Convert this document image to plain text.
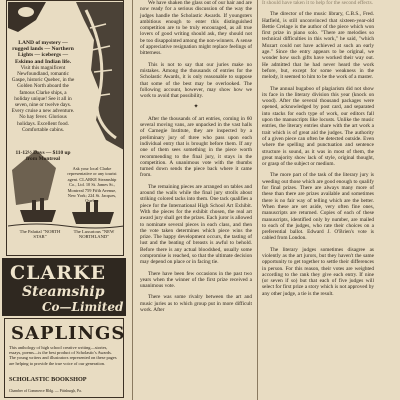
LAND of mystery — rugged lands — Northern Lights — icebergs — Eskimo and Indian life. Visit this magnificent Newfoundland, romantic Gaspe, historic Quebec, in the Golden North aboard the famous Clarke ships, a holiday unique! See it all in seven, nine or twelve days. Every cruise a new adventure. No hay fever. Glorious holidays. Excellent food. Comfortable cabins.
11-12½ Days — $110 up from Montreal
Ask your local Clarke representative or any tourist agent. CLARKE Steamship Co., Ltd. 10 St. James St., Montreal 759 Fifth Avenue, New York; 224 St. Jacques, Quebec
The Palatial "NORTH STAR"
The Luxurious "NEW NORTHLAND"
CLARKE
Steamship
Co—Limited
SAPLINGS
This anthology of high school creative writing—stories, essays, poems—is the best product of Scholastic's Awards. The young writers and illustrators represented on these pages are helping to provide the true voice of our generation.
SCHOLASTIC BOOKSHOP
Chamber of Commerce Bldg. — Pittsburgh, Pa.

We have shaken the glass out of our hair and are now ready for a serious discussion of the way the judges handle the Scholastic Awards. If youngsters ambitious enough to enter this distinguished competition are to be truly encouraged, as all true lovers of good writing should ask, they should not be too disappointed among the non-winners. A sense of appreciative resignation might replace feelings of bitterness.

This is not to say that our juries make no mistakes. Among the thousands of entries for the Scholastic Awards, it is only reasonable to suppose that some of the best may be overlooked. The following account, however, may show how we work to avoid that possibility.

✦

After the thousands of art entries, coming in 60 several moving vans, are unpacked in the vast halls of Carnegie Institute, they are inspected by a preliminary jury of three who pass upon each individual entry that is brought before them. If any one of them sees something in the piece worth recommending to the final jury, it stays in the competition. A unanimous vote with the thumbs turned down sends the piece back where it came from.

The remaining pieces are arranged on tables and around the walls while the final jury strolls about striking colored tacks into them. One tack qualifies a piece for the International High School Art Exhibit. With the pieces for the exhibit chosen, the real art award jury shall get the prizes. Each juror is allowed to nominate several pieces in each class, and then the vote taken determines which piece wins the prize. The happy development occurs, the tasting of lust and the beating of breasts is awful to behold. Before there is any actual bloodshed, usually some compromise is reached, so that the ultimate decision may depend on place or in facing tie.

There have been few occasions in the past two years when the winner of the first prize received a unanimous vote.

There was some rivalry between the art and music juries as to which group put in more difficult work. After

It should have taken it to help for the second effects.

The director of the music library, C.B.S., Fred. Hatfield, is still unconvinced that sixteen-year-old Bettie Crelage is the author of the piece which won first prize in piano solo. "There are melodies so technical difficulties in this work," he said, "which Mozart could not have achieved at such an early age." Since the entry appears to be original, we wonder how such gifts have worked their way out. He admitted that he had never heard the work before, but, except for some weakness in the melody, it seemed to him to be the work of a master.

The annual bugaboo of plagiarism did not show its face in the literary division this year (knock on wood). After the several thousand packages were opened, acknowledged by post card, and separated into stacks for each type of work, our editors fall upon the manuscripts like locusts. Unlike the music entries, the literary entries share with the art work a trait which is of great aid the judges. The authority of a given piece can often be detected outside. Even where the spelling and punctuation and sentence structure is sound, as it was in most of them, the great majority show lack of style, original thought, or grasp of the subject or medium.

The more part of the task of the literary jury is weeding out those which are good enough to qualify for final prizes. There are always many more of these than there are prizes available and sometimes there is no fair way of telling which are the better. When these are set aside, very often fine ones, manuscripts are returned. Copies of each of these manuscripts, identified only by number, are mailed to each of the judges, who rate their choices on a preferential ballot. Edward J. O'Brien's vote is cabled from London.

The literary judges sometimes disagree as violently as the art jurors, but they haven't the same opportunity to get together to settle their differences in person. For this reason, their votes are weighted according to the rank they give each entry. If nine (or seven if so) but that each of five judges will select for first prize a story which is not approved by any other judge, a tie is the result.
